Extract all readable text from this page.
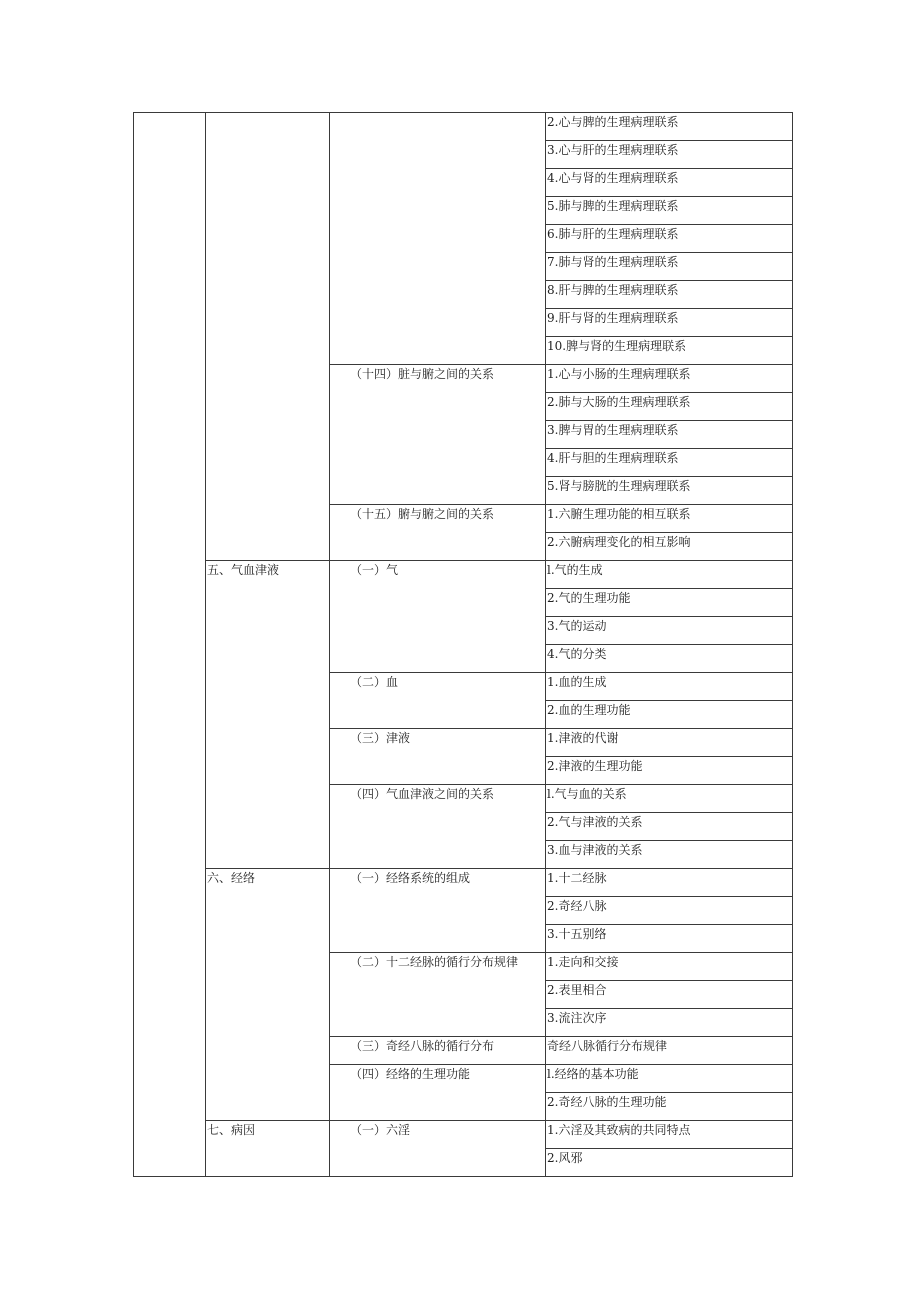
			2.心与脾的生理病理联系
			3.心与肝的生理病理联系
			4.心与肾的生理病理联系
			5.肺与脾的生理病理联系
			6.肺与肝的生理病理联系
			7.肺与肾的生理病理联系
			8.肝与脾的生理病理联系
			9.肝与肾的生理病理联系
			10.脾与肾的生理病理联系
		（十四）脏与腑之间的关系	1.心与小肠的生理病理联系
			2.肺与大肠的生理病理联系
			3.脾与胃的生理病理联系
			4.肝与胆的生理病理联系
			5.肾与膀胱的生理病理联系
		（十五）腑与腑之间的关系	1.六腑生理功能的相互联系
			2.六腑病理变化的相互影响
	五、气血津液	（一）气	l.气的生成
			2.气的生理功能
			3.气的运动
			4.气的分类
		（二）血	1.血的生成
			2.血的生理功能
		（三）津液	1.津液的代谢
			2.津液的生理功能
		（四）气血津液之间的关系	l.气与血的关系
			2.气与津液的关系
			3.血与津液的关系
	六、经络	（一）经络系统的组成	1.十二经脉
			2.奇经八脉
			3.十五别络
		（二）十二经脉的循行分布规律	1.走向和交接
			2.表里相合
			3.流注次序
		（三）奇经八脉的循行分布	奇经八脉循行分布规律
		（四）经络的生理功能	l.经络的基本功能
			2.奇经八脉的生理功能
	七、病因	（一）六淫	1.六淫及其致病的共同特点
			2.风邪
